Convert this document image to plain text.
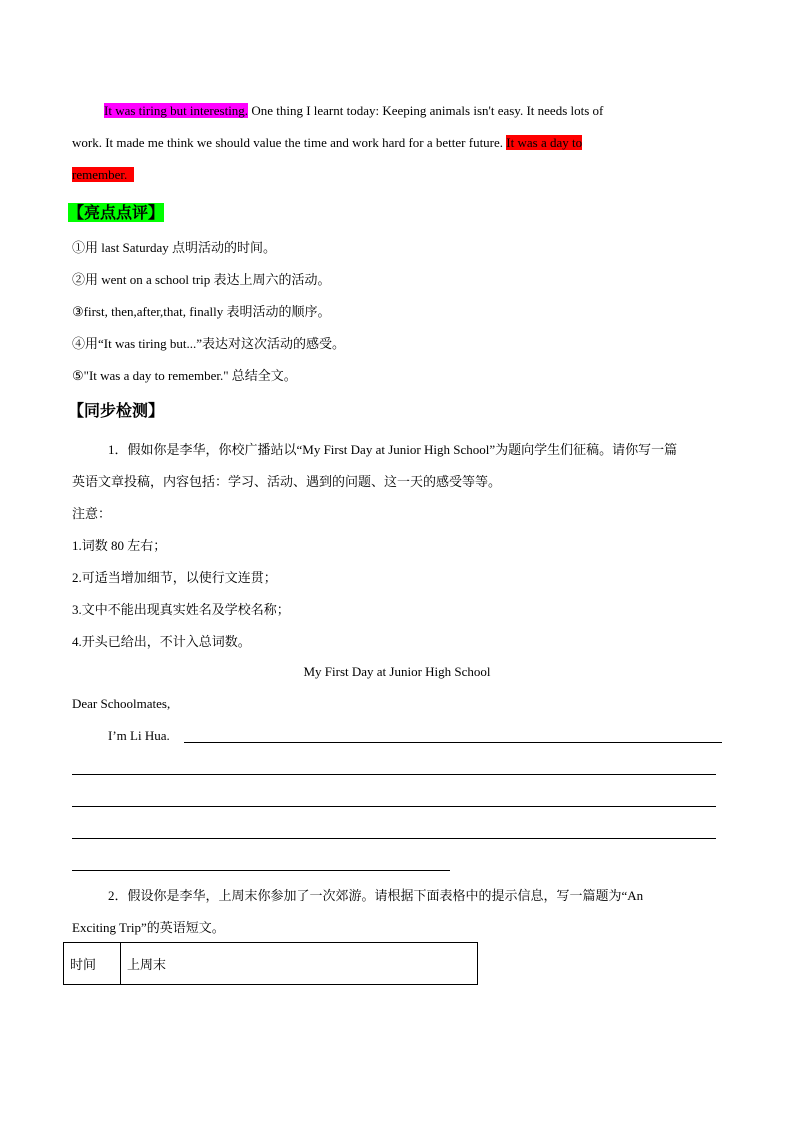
It was tiring but interesting. One thing I learnt today: Keeping animals isn't easy. It needs lots of
work. It made me think we should value the time and work hard for a better future. It was a day to
remember.
【亮点点评】
①用 last Saturday 点明活动的时间。
②用 went on a school trip 表达上周六的活动。
③first, then,after,that, finally 表明活动的顺序。
④用“It was tiring but...”表达对这次活动的感受。
⑤"It was a day to remember." 总结全文。
【同步检测】
1．假如你是李华，你校广播站以“My First Day at Junior High School”为题向学生们征稿。请你写一篇
英语文章投稿，内容包括：学习、活动、遇到的问题、这一天的感受等等。
注意：
1.词数 80 左右；
2.可适当增加细节，以使行文连贯；
3.文中不能出现真实姓名及学校名称；
4.开头已给出，不计入总词数。
My First Day at Junior High School
Dear Schoolmates,
I’m Li Hua.
2．假设你是李华，上周末你参加了一次郊游。请根据下面表格中的提示信息，写一篇题为“An
Exciting Trip”的英语短文。
时间	上周末
